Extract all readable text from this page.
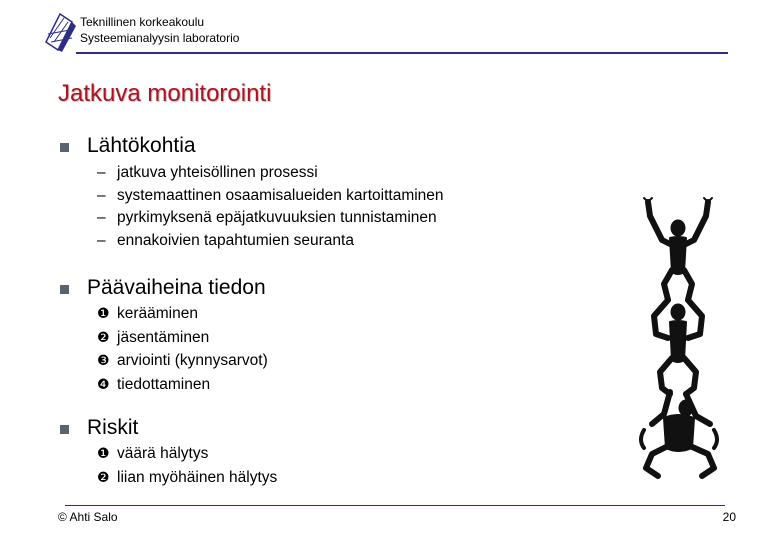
Teknillinen korkeakoulu
Systeemianalyysin laboratorio
Jatkuva monitorointi
Lähtökohtia
– jatkuva yhteisöllinen prosessi
– systemaattinen osaamisalueiden kartoittaminen
– pyrkimyksenä epäjatkuvuuksien tunnistaminen
– ennakoivien tapahtumien seuranta
Päävaiheina tiedon
❶ kerääminen
❷ jäsentäminen
❸ arviointi (kynnysarvot)
❹ tiedottaminen
Riskit
❶ väärä hälytys
❷ liian myöhäinen hälytys
© Ahti Salo	20
